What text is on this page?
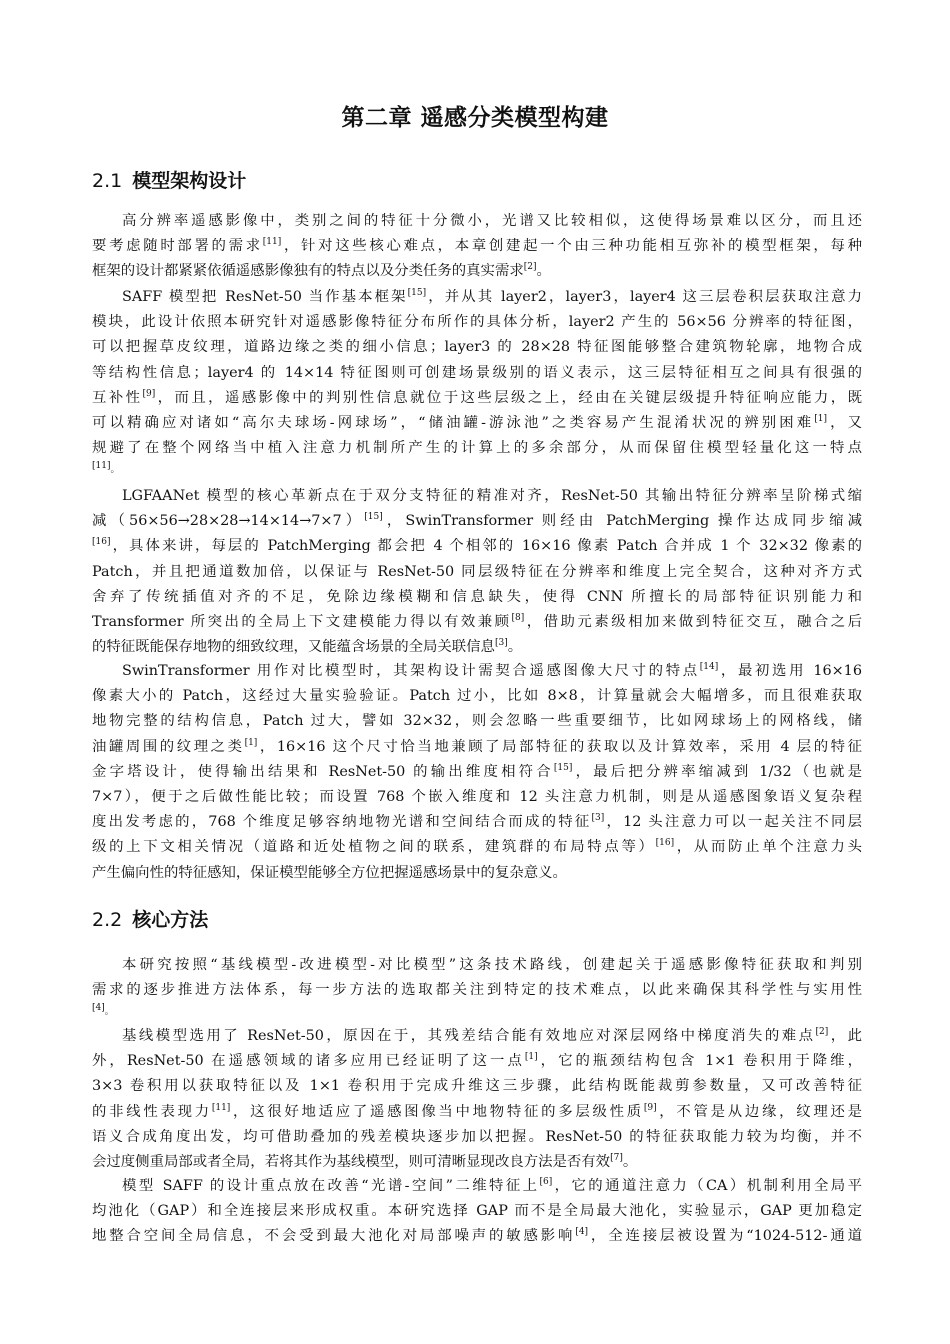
第二章 遥感分类模型构建
2.1 模型架构设计
高分辨率遥感影像中，类别之间的特征十分微小，光谱又比较相似，这使得场景难以区分，而且还
要考虑随时部署的需求[11]，针对这些核心难点，本章创建起一个由三种功能相互弥补的模型框架，每种
框架的设计都紧紧依循遥感影像独有的特点以及分类任务的真实需求[2]。
SAFF 模型把 ResNet-50 当作基本框架[15]，并从其 layer2，layer3，layer4 这三层卷积层获取注意力
模块，此设计依照本研究针对遥感影像特征分布所作的具体分析，layer2 产生的 56×56 分辨率的特征图，
可以把握草皮纹理，道路边缘之类的细小信息；layer3 的 28×28 特征图能够整合建筑物轮廓，地物合成
等结构性信息；layer4 的 14×14 特征图则可创建场景级别的语义表示，这三层特征相互之间具有很强的
互补性[9]，而且，遥感影像中的判别性信息就位于这些层级之上，经由在关键层级提升特征响应能力，既
可以精确应对诸如“高尔夫球场-网球场”，“储油罐-游泳池”之类容易产生混淆状况的辨别困难[1]，又
规避了在整个网络当中植入注意力机制所产生的计算上的多余部分，从而保留住模型轻量化这一特点
[11]。
LGFAANet 模型的核心革新点在于双分支特征的精准对齐，ResNet-50 其输出特征分辨率呈阶梯式缩
减（56×56→28×28→14×14→7×7）[15]，SwinTransformer 则经由 PatchMerging 操作达成同步缩减
[16]，具体来讲，每层的 PatchMerging 都会把 4 个相邻的 16×16 像素 Patch 合并成 1 个 32×32 像素的
Patch，并且把通道数加倍，以保证与 ResNet-50 同层级特征在分辨率和维度上完全契合，这种对齐方式
舍弃了传统插值对齐的不足，免除边缘模糊和信息缺失，使得 CNN 所擅长的局部特征识别能力和
Transformer 所突出的全局上下文建模能力得以有效兼顾[8]，借助元素级相加来做到特征交互，融合之后
的特征既能保存地物的细致纹理，又能蕴含场景的全局关联信息[3]。
SwinTransformer 用作对比模型时，其架构设计需契合遥感图像大尺寸的特点[14]，最初选用 16×16
像素大小的 Patch，这经过大量实验验证。Patch 过小，比如 8×8，计算量就会大幅增多，而且很难获取
地物完整的结构信息，Patch 过大，譬如 32×32，则会忽略一些重要细节，比如网球场上的网格线，储
油罐周围的纹理之类[1]，16×16 这个尺寸恰当地兼顾了局部特征的获取以及计算效率，采用 4 层的特征
金字塔设计，使得输出结果和 ResNet-50 的输出维度相符合[15]，最后把分辨率缩减到 1/32（也就是
7×7），便于之后做性能比较；而设置 768 个嵌入维度和 12 头注意力机制，则是从遥感图象语义复杂程
度出发考虑的，768 个维度足够容纳地物光谱和空间结合而成的特征[3]，12 头注意力可以一起关注不同层
级的上下文相关情况（道路和近处植物之间的联系，建筑群的布局特点等）[16]，从而防止单个注意力头
产生偏向性的特征感知，保证模型能够全方位把握遥感场景中的复杂意义。
2.2 核心方法
本研究按照“基线模型-改进模型-对比模型”这条技术路线，创建起关于遥感影像特征获取和判别
需求的逐步推进方法体系，每一步方法的选取都关注到特定的技术难点，以此来确保其科学性与实用性
[4]。
基线模型选用了 ResNet-50，原因在于，其残差结合能有效地应对深层网络中梯度消失的难点[2]，此
外，ResNet-50 在遥感领域的诸多应用已经证明了这一点[1]，它的瓶颈结构包含 1×1 卷积用于降维，
3×3 卷积用以获取特征以及 1×1 卷积用于完成升维这三步骤，此结构既能裁剪参数量，又可改善特征
的非线性表现力[11]，这很好地适应了遥感图像当中地物特征的多层级性质[9]，不管是从边缘，纹理还是
语义合成角度出发，均可借助叠加的残差模块逐步加以把握。ResNet-50 的特征获取能力较为均衡，并不
会过度侧重局部或者全局，若将其作为基线模型，则可清晰显现改良方法是否有效[7]。
模型 SAFF 的设计重点放在改善“光谱-空间”二维特征上[6]，它的通道注意力（CA）机制利用全局平
均池化（GAP）和全连接层来形成权重。本研究选择 GAP 而不是全局最大池化，实验显示，GAP 更加稳定
地整合空间全局信息，不会受到最大池化对局部噪声的敏感影响[4]，全连接层被设置为“1024-512-通道
